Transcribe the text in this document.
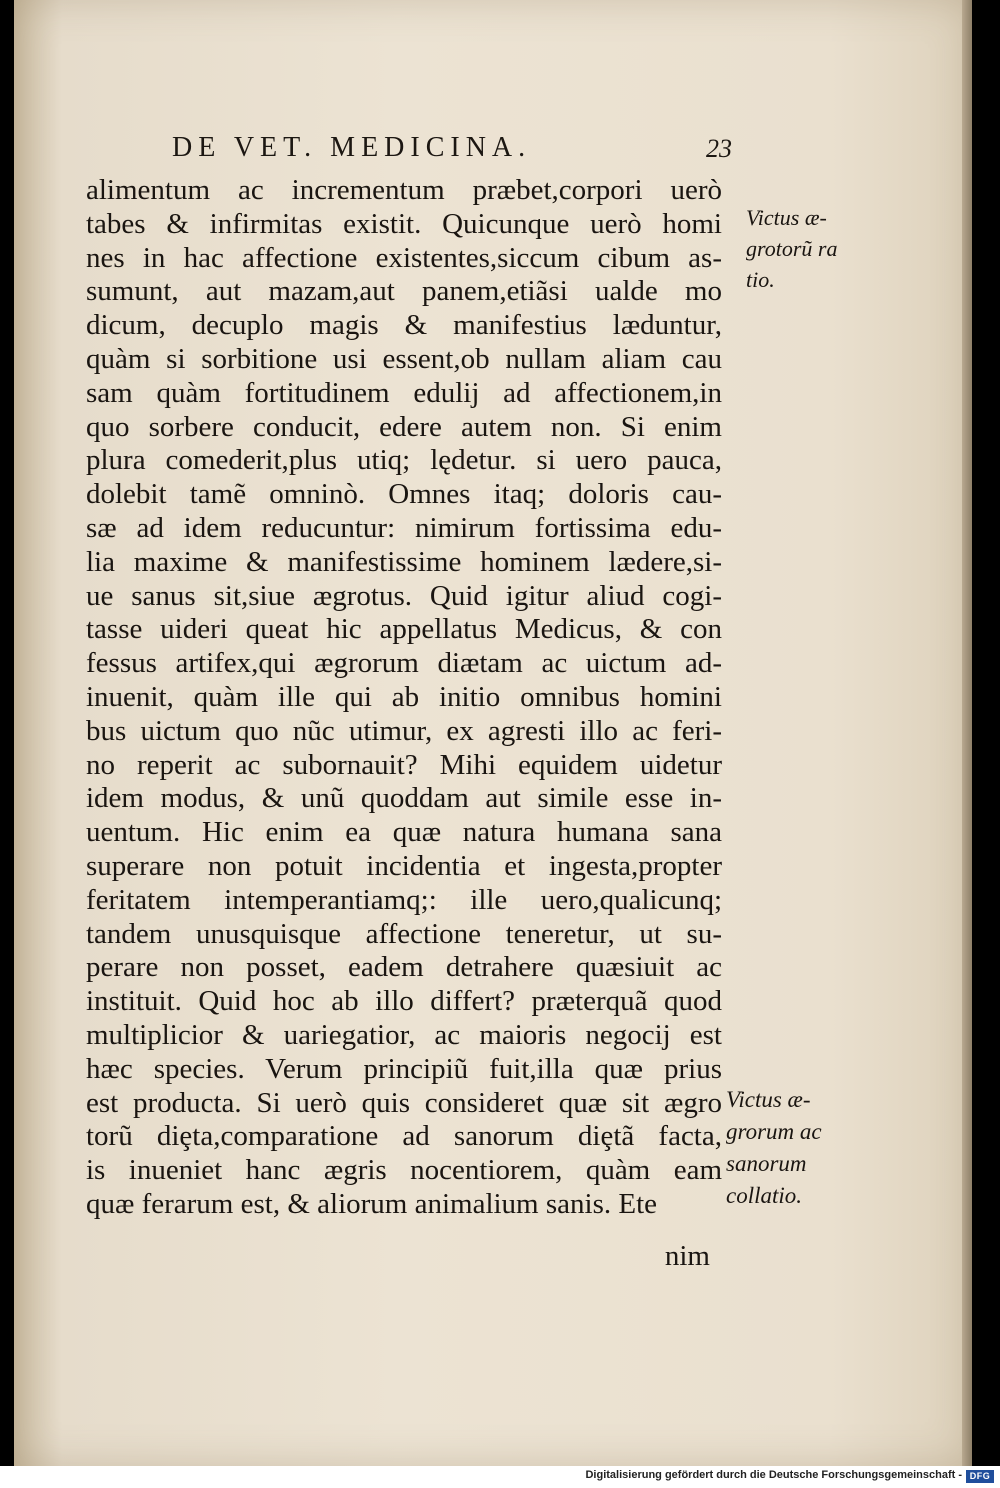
DE VET. MEDICINA.	23
alimentum ac incrementum præbet,corpori uerò
tabes & infirmitas existit. Quicunque uerò homi
nes in hac affectione existentes,siccum cibum as-
sumunt, aut mazam,aut panem,etiãsi ualde mo
dicum, decuplo magis & manifestius læduntur,
quàm si sorbitione usi essent,ob nullam aliam cau
sam quàm fortitudinem edulij ad affectionem,in
quo sorbere conducit, edere autem non. Si enim
plura comederit,plus utiq; lędetur. si uero pauca,
dolebit tamẽ omninò. Omnes itaq; doloris cau-
sæ ad idem reducuntur: nimirum fortissima edu-
lia maxime & manifestissime hominem lædere,si-
ue sanus sit,siue ægrotus. Quid igitur aliud cogi-
tasse uideri queat hic appellatus Medicus, & con
fessus artifex,qui ægrorum diætam ac uictum ad-
inuenit, quàm ille qui ab initio omnibus homini
bus uictum quo nũc utimur, ex agresti illo ac feri-
no reperit ac subornauit? Mihi equidem uidetur
idem modus, & unũ quoddam aut simile esse in-
uentum. Hic enim ea quæ natura humana sana
superare non potuit incidentia et ingesta,propter
feritatem intemperantiamq;: ille uero,qualicunq;
tandem unusquisque affectione teneretur, ut su-
perare non posset, eadem detrahere quæsiuit ac
instituit. Quid hoc ab illo differt? præterquã quod
multiplicior & uariegatior, ac maioris negocij est
hæc species. Verum principiũ fuit,illa quæ prius
est producta. Si uerò quis consideret quæ sit ægro
torũ diȩta,comparatione ad sanorum diȩtã facta,
is inueniet hanc ægris nocentiorem, quàm eam
quæ ferarum est, & aliorum animalium sanis. Ete
nim
Victus æ-
grotorũ ra
tio.
Victus æ-
grorum ac
sanorum
collatio.
Digitalisierung gefördert durch die Deutsche Forschungsgemeinschaft - DFG
